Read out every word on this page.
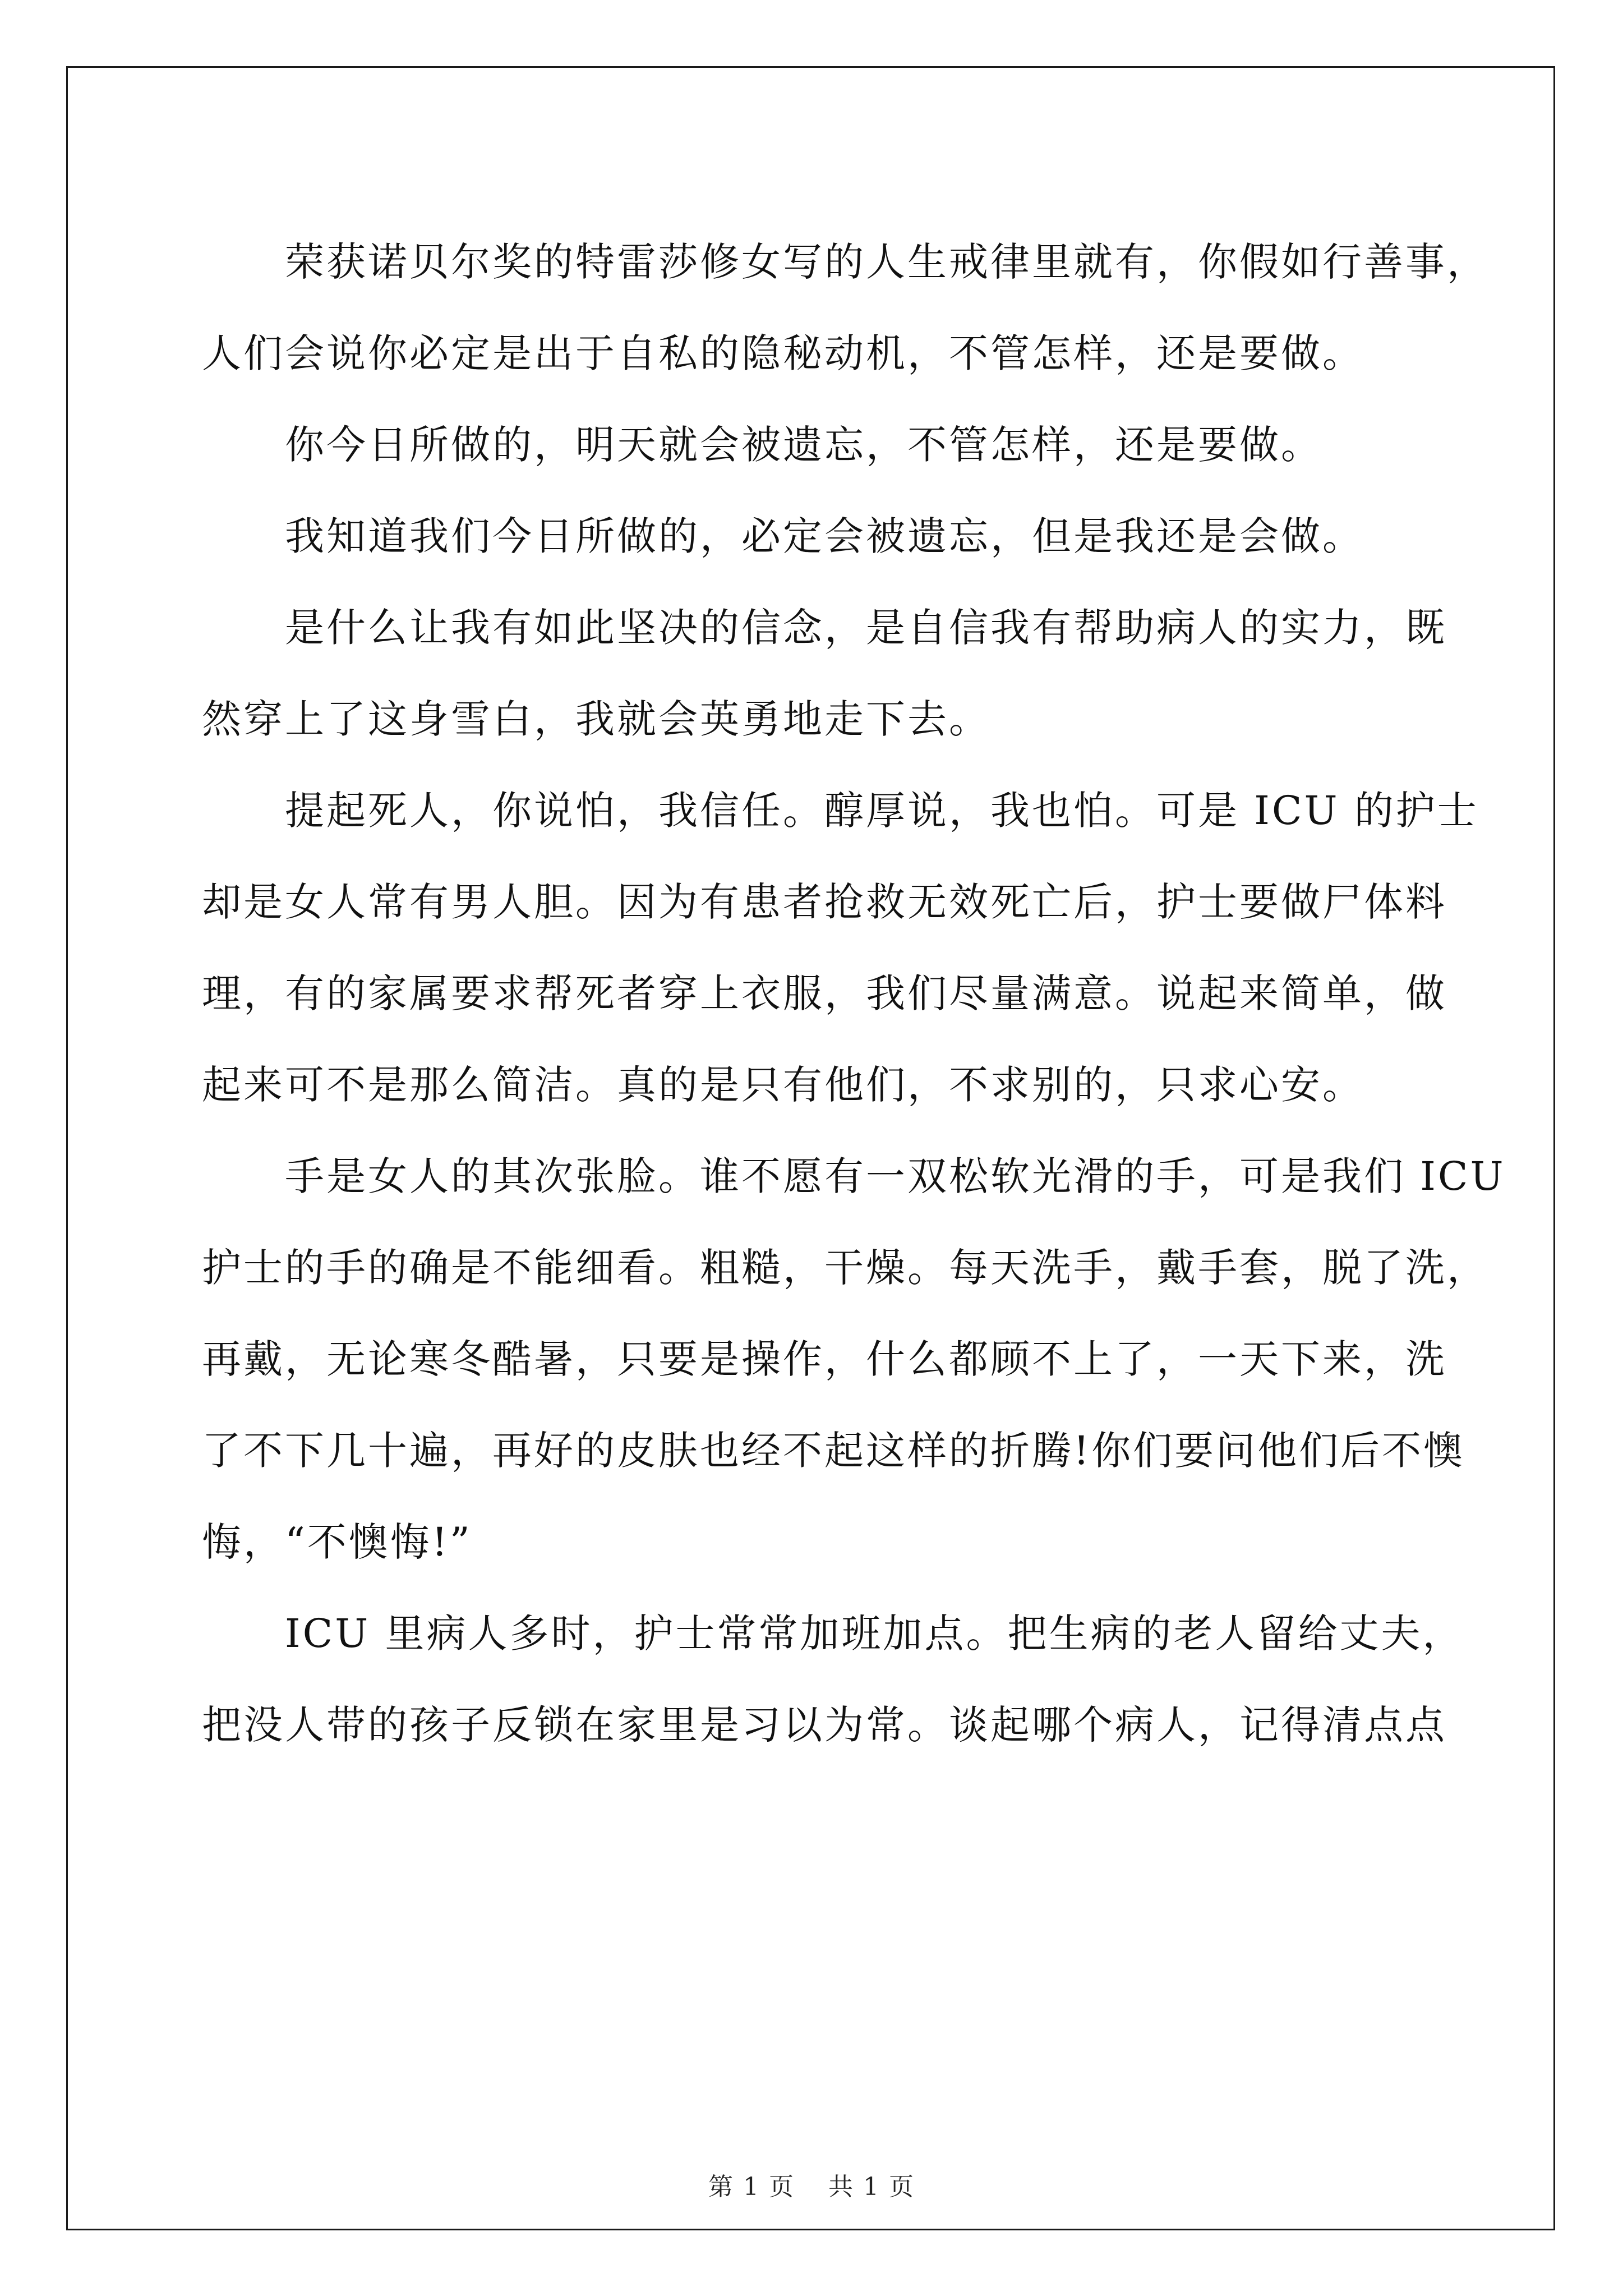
荣获诺贝尔奖的特雷莎修女写的人生戒律里就有，你假如行善事，
人们会说你必定是出于自私的隐秘动机，不管怎样，还是要做。

你今日所做的，明天就会被遗忘，不管怎样，还是要做。

我知道我们今日所做的，必定会被遗忘，但是我还是会做。

是什么让我有如此坚决的信念，是自信我有帮助病人的实力，既
然穿上了这身雪白，我就会英勇地走下去。

提起死人，你说怕，我信任。醇厚说，我也怕。可是 ICU 的护士
却是女人常有男人胆。因为有患者抢救无效死亡后，护士要做尸体料
理，有的家属要求帮死者穿上衣服，我们尽量满意。说起来简单，做
起来可不是那么简洁。真的是只有他们，不求别的，只求心安。

手是女人的其次张脸。谁不愿有一双松软光滑的手，可是我们 ICU
护士的手的确是不能细看。粗糙，干燥。每天洗手，戴手套，脱了洗，
再戴，无论寒冬酷暑，只要是操作，什么都顾不上了，一天下来，洗
了不下几十遍，再好的皮肤也经不起这样的折腾!你们要问他们后不懊
悔，“不懊悔!”

ICU 里病人多时，护士常常加班加点。把生病的老人留给丈夫，
把没人带的孩子反锁在家里是习以为常。谈起哪个病人，记得清点点

第 1 页 共 1 页
